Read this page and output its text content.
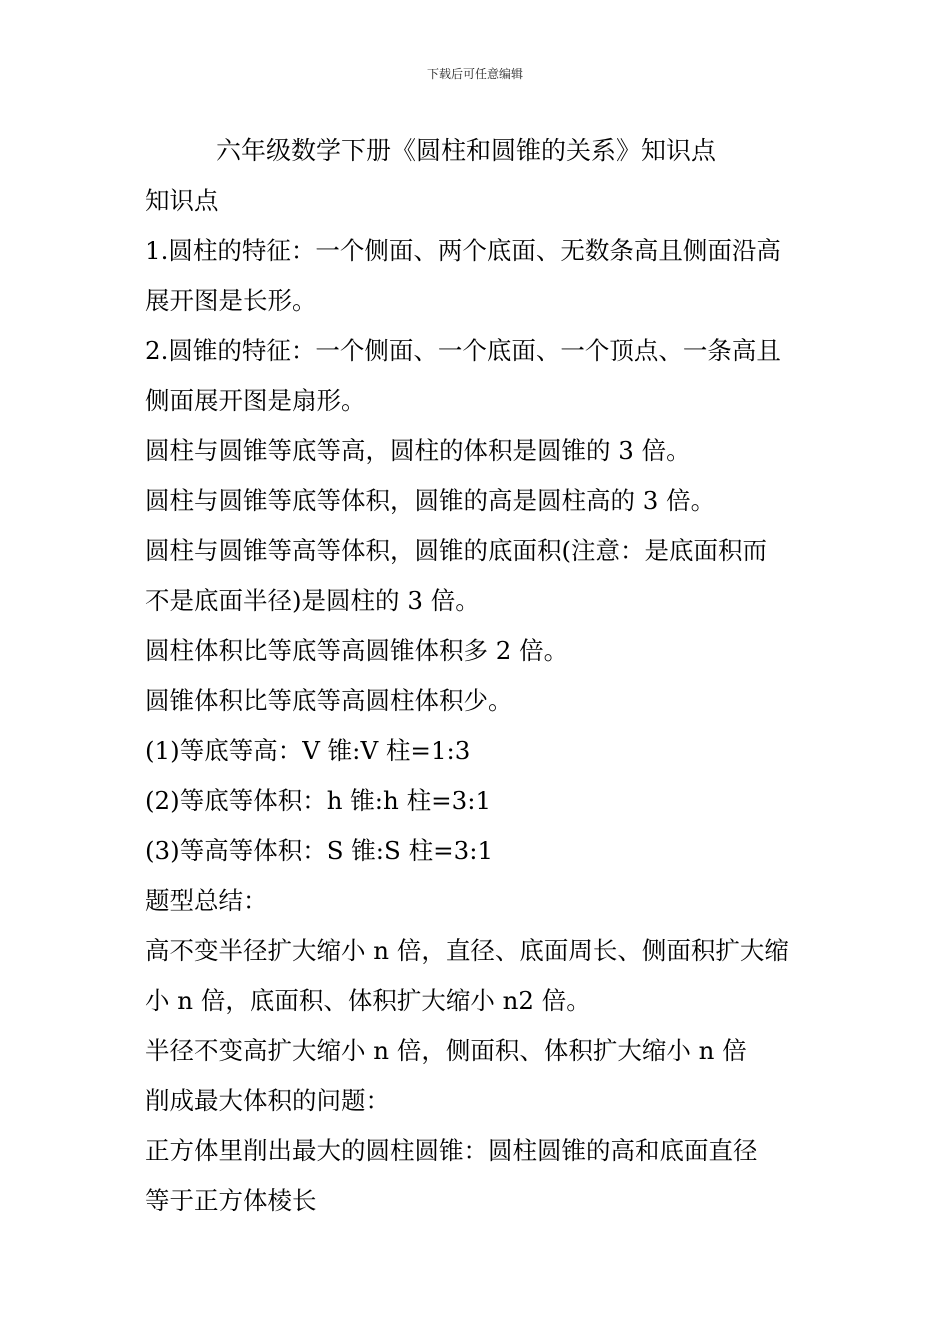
下载后可任意编辑
六年级数学下册《圆柱和圆锥的关系》知识点
知识点
1.圆柱的特征：一个侧面、两个底面、无数条高且侧面沿高
展开图是长形。
2.圆锥的特征：一个侧面、一个底面、一个顶点、一条高且
侧面展开图是扇形。
圆柱与圆锥等底等高，圆柱的体积是圆锥的 3 倍。
圆柱与圆锥等底等体积，圆锥的高是圆柱高的 3 倍。
圆柱与圆锥等高等体积，圆锥的底面积(注意：是底面积而
不是底面半径)是圆柱的 3 倍。
圆柱体积比等底等高圆锥体积多 2 倍。
圆锥体积比等底等高圆柱体积少。
(1)等底等高：V 锥:V 柱=1:3
(2)等底等体积：h 锥:h 柱=3:1
(3)等高等体积：S 锥:S 柱=3:1
题型总结：
高不变半径扩大缩小 n 倍，直径、底面周长、侧面积扩大缩
小 n 倍，底面积、体积扩大缩小 n2 倍。
半径不变高扩大缩小 n 倍，侧面积、体积扩大缩小 n 倍
削成最大体积的问题：
正方体里削出最大的圆柱圆锥：圆柱圆锥的高和底面直径
等于正方体棱长
